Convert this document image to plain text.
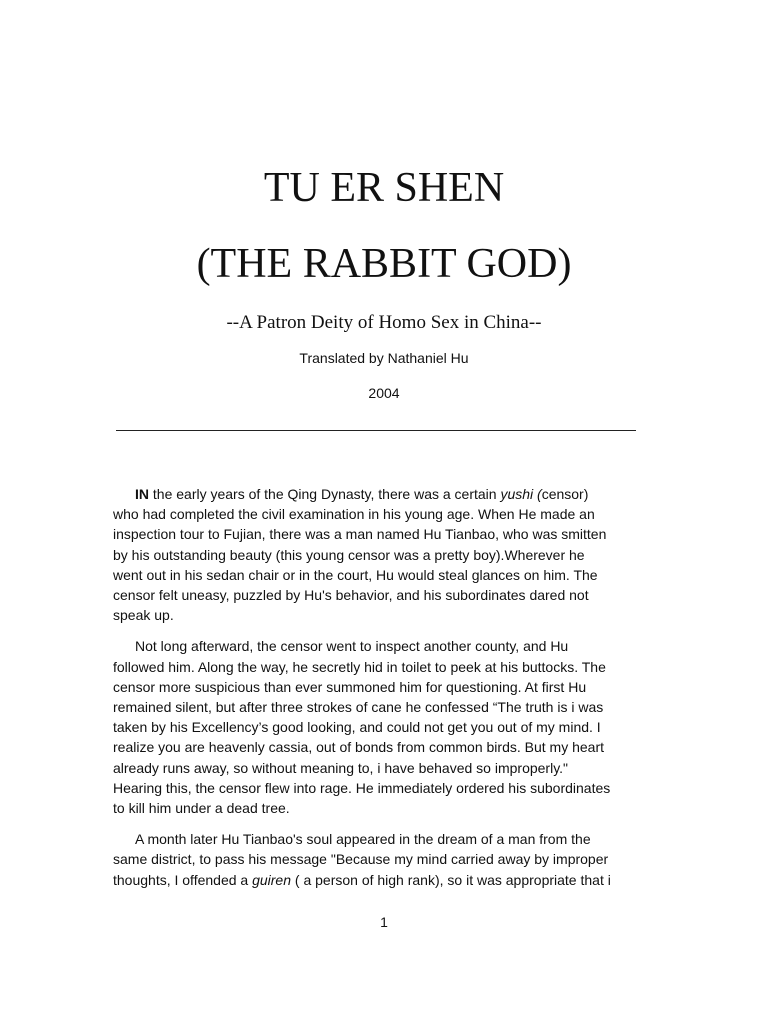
TU ER SHEN
(THE RABBIT GOD)

--A Patron Deity of Homo Sex in China--

Translated by Nathaniel Hu

2004

IN the early years of the Qing Dynasty, there was a certain yushi (censor)
who had completed the civil examination in his young age. When He made an
inspection tour to Fujian, there was a man named Hu Tianbao, who was smitten
by his outstanding beauty (this young censor was a pretty boy).Wherever he
went out in his sedan chair or in the court, Hu would steal glances on him. The
censor felt uneasy, puzzled by Hu's behavior, and his subordinates dared not
speak up.

Not long afterward, the censor went to inspect another county, and Hu
followed him. Along the way, he secretly hid in toilet to peek at his buttocks. The
censor more suspicious than ever summoned him for questioning. At first Hu
remained silent, but after three strokes of cane he confessed “The truth is i was
taken by his Excellency’s good looking, and could not get you out of my mind. I
realize you are heavenly cassia, out of bonds from common birds. But my heart
already runs away, so without meaning to, i have behaved so improperly."
Hearing this, the censor flew into rage. He immediately ordered his subordinates
to kill him under a dead tree.

A month later Hu Tianbao's soul appeared in the dream of a man from the
same district, to pass his message "Because my mind carried away by improper
thoughts, I offended a guiren ( a person of high rank), so it was appropriate that i

1
